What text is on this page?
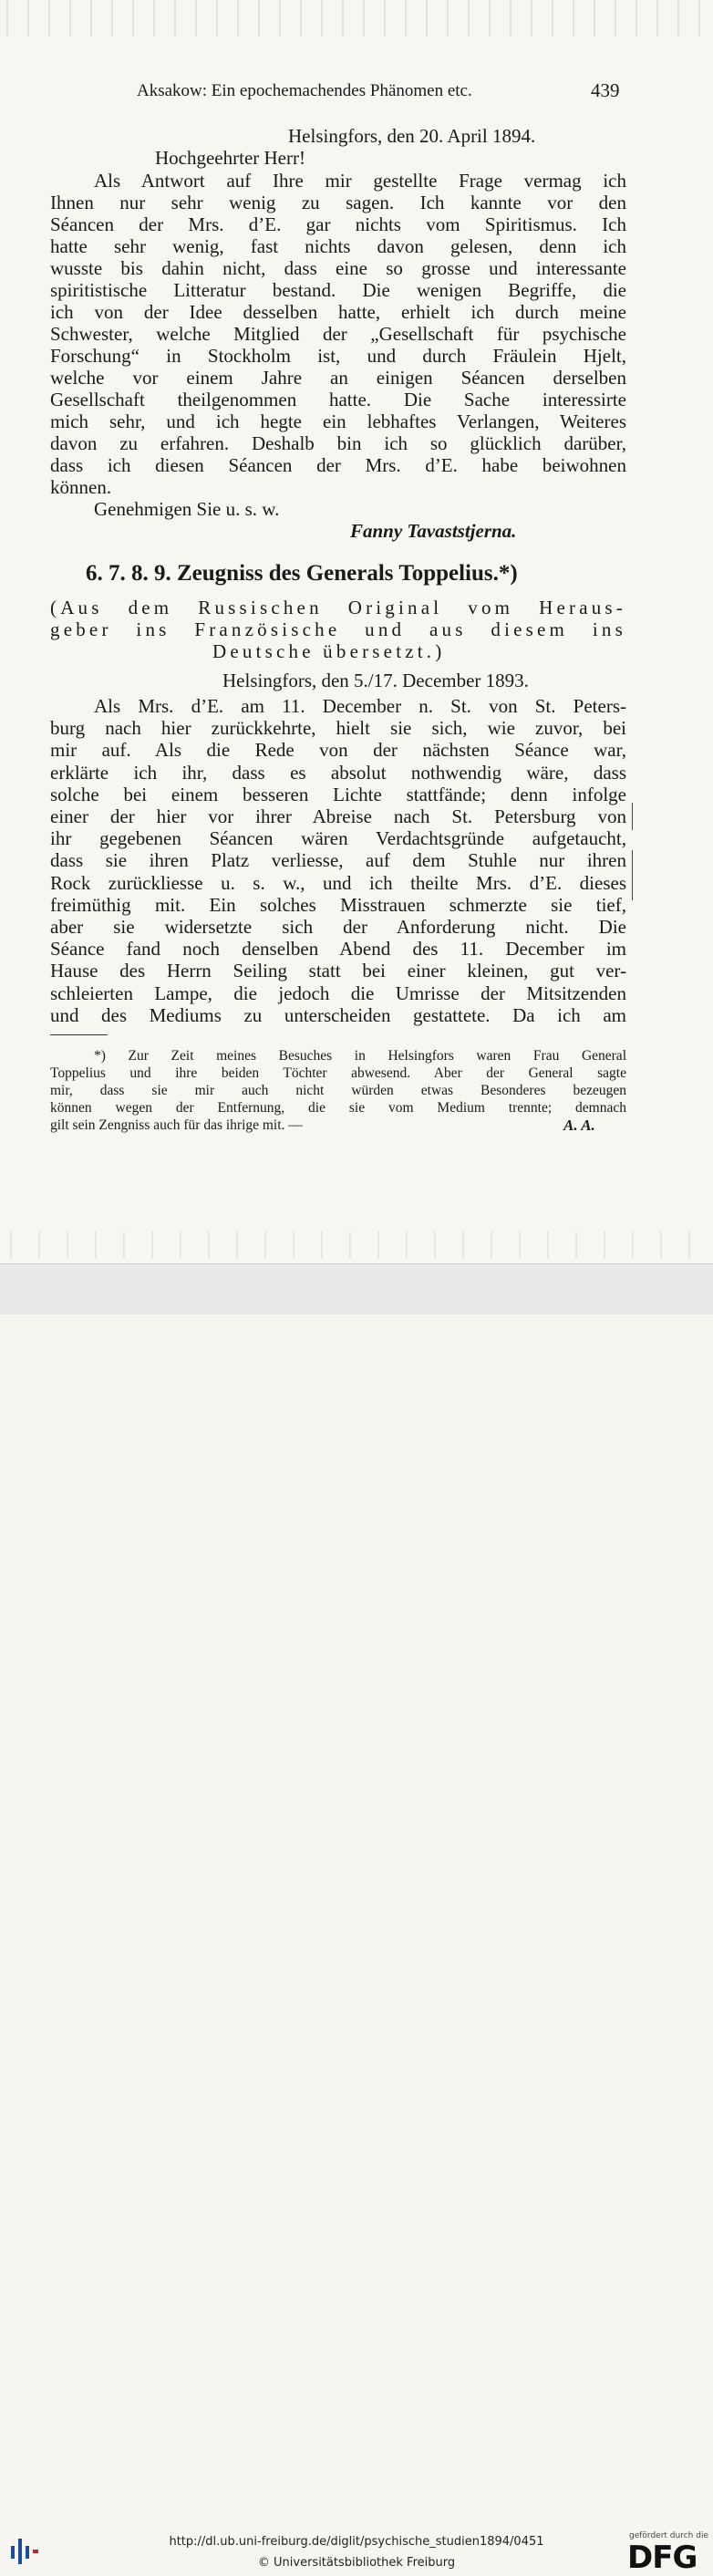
Aksakow: Ein epochemachendes Phänomen etc.	439
Helsingfors, den 20. April 1894.
Hochgeehrter Herr!
Als Antwort auf Ihre mir gestellte Frage vermag ich
Ihnen nur sehr wenig zu sagen. Ich kannte vor den
Séancen der Mrs. d’E. gar nichts vom Spiritismus. Ich
hatte sehr wenig, fast nichts davon gelesen, denn ich
wusste bis dahin nicht, dass eine so grosse und interessante
spiritistische Litteratur bestand. Die wenigen Begriffe, die
ich von der Idee desselben hatte, erhielt ich durch meine
Schwester, welche Mitglied der „Gesellschaft für psychische
Forschung“ in Stockholm ist, und durch Fräulein Hjelt,
welche vor einem Jahre an einigen Séancen derselben
Gesellschaft theilgenommen hatte. Die Sache interessirte
mich sehr, und ich hegte ein lebhaftes Verlangen, Weiteres
davon zu erfahren. Deshalb bin ich so glücklich darüber,
dass ich diesen Séancen der Mrs. d’E. habe beiwohnen
können.
Genehmigen Sie u. s. w.
Fanny Tavaststjerna.
6. 7. 8. 9. Zeugniss des Generals Toppelius.*)
(Aus dem Russischen Original vom Heraus-
geber ins Französische und aus diesem ins
Deutsche übersetzt.)
Helsingfors, den 5./17. December 1893.
Als Mrs. d’E. am 11. December n. St. von St. Peters-
burg nach hier zurückkehrte, hielt sie sich, wie zuvor, bei
mir auf. Als die Rede von der nächsten Séance war,
erklärte ich ihr, dass es absolut nothwendig wäre, dass
solche bei einem besseren Lichte stattfände; denn infolge
einer der hier vor ihrer Abreise nach St. Petersburg von
ihr gegebenen Séancen wären Verdachtsgründe aufgetaucht,
dass sie ihren Platz verliesse, auf dem Stuhle nur ihren
Rock zurückliesse u. s. w., und ich theilte Mrs. d’E. dieses
freimüthig mit. Ein solches Misstrauen schmerzte sie tief,
aber sie widersetzte sich der Anforderung nicht. Die
Séance fand noch denselben Abend des 11. December im
Hause des Herrn Seiling statt bei einer kleinen, gut ver-
schleierten Lampe, die jedoch die Umrisse der Mitsitzenden
und des Mediums zu unterscheiden gestattete. Da ich am
*) Zur Zeit meines Besuches in Helsingfors waren Frau General
Toppelius und ihre beiden Töchter abwesend. Aber der General sagte
mir, dass sie mir auch nicht würden etwas Besonderes bezeugen
können wegen der Entfernung, die sie vom Medium trennte; demnach
gilt sein Zengniss auch für das ihrige mit. —	A. A.
http://dl.ub.uni-freiburg.de/diglit/psychische_studien1894/0451
© Universitätsbibliothek Freiburg
gefördert durch die
DFG
